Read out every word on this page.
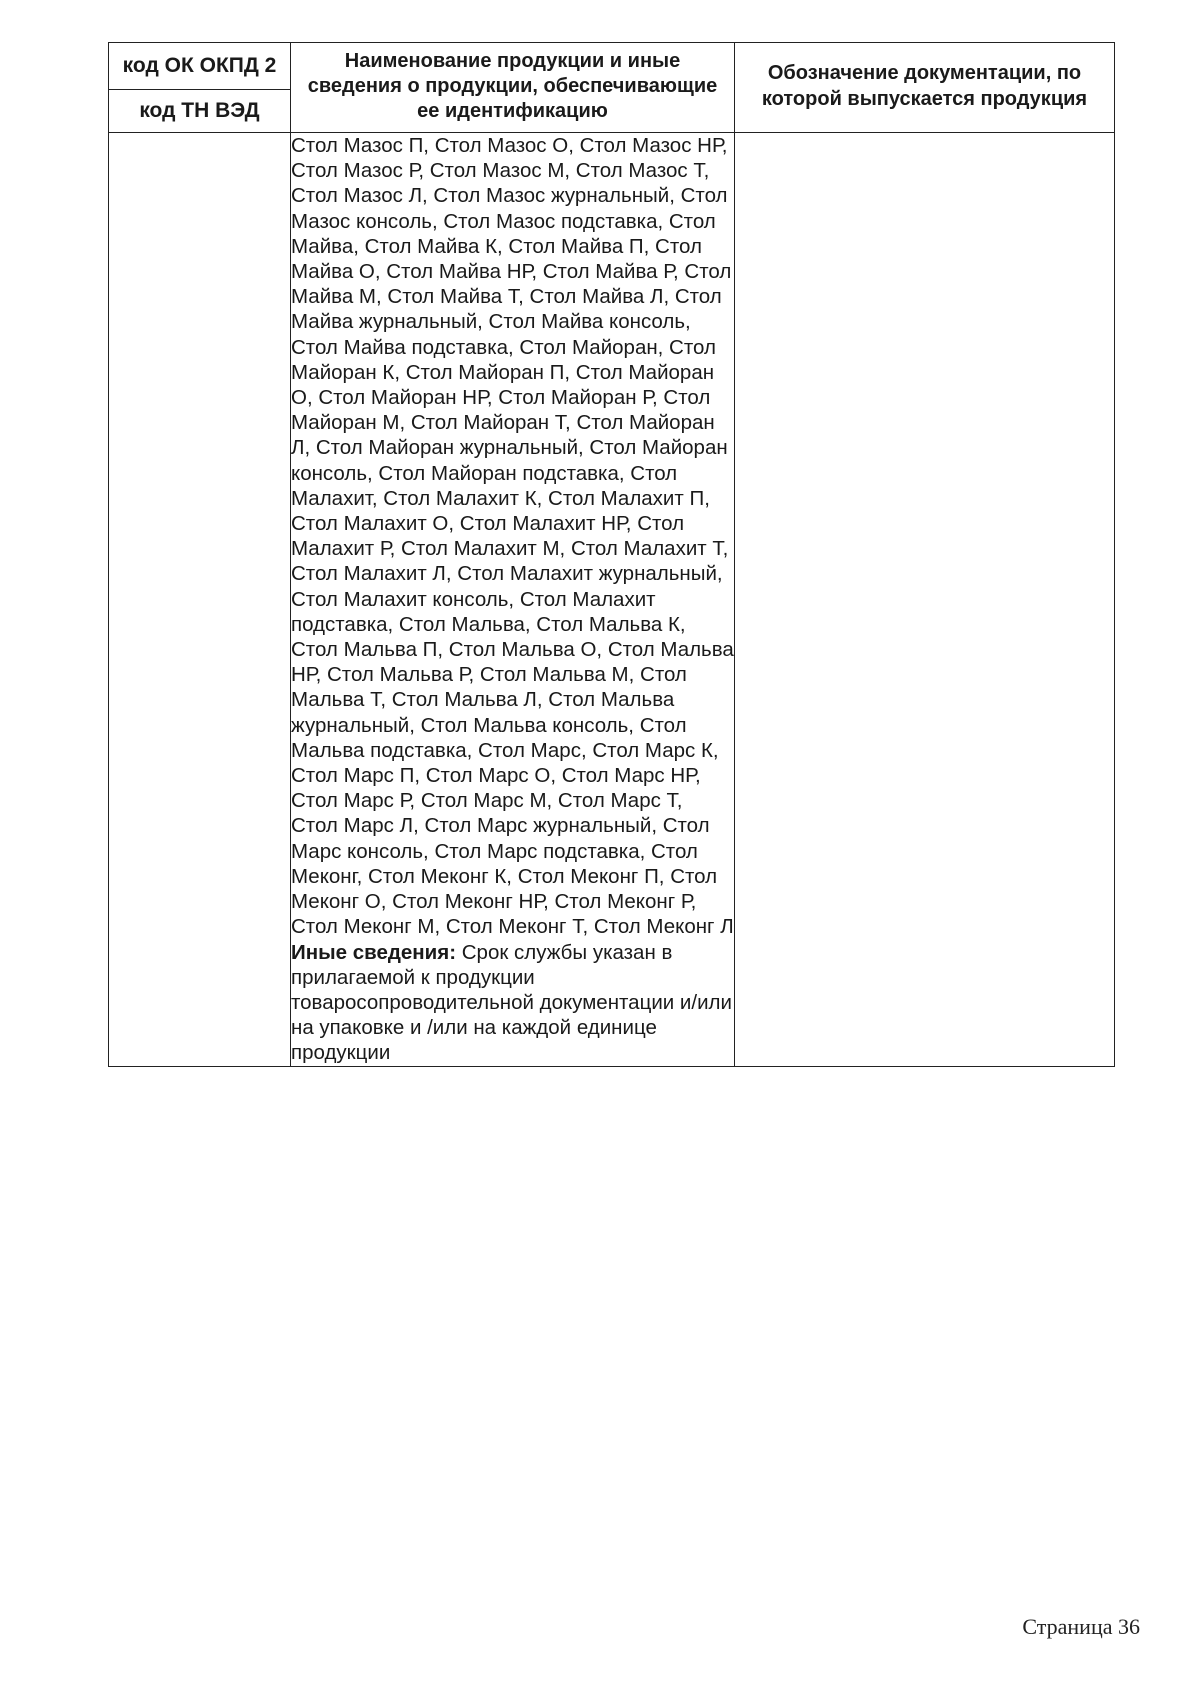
код ОК ОКПД 2
код ТН ВЭД	Наименование продукции и иные сведения о продукции, обеспечивающие ее идентификацию	Обозначение документации, по которой выпускается продукция

	Стол Мазос П, Стол Мазос О, Стол Мазос НР, Стол Мазос Р, Стол Мазос М, Стол Мазос Т, Стол Мазос Л, Стол Мазос журнальный, Стол Мазос консоль, Стол Мазос подставка, Стол Майва, Стол Майва К, Стол Майва П, Стол Майва О, Стол Майва НР, Стол Майва Р, Стол Майва М, Стол Майва Т, Стол Майва Л, Стол Майва журнальный, Стол Майва консоль, Стол Майва подставка, Стол Майоран, Стол Майоран К, Стол Майоран П, Стол Майоран О, Стол Майоран НР, Стол Майоран Р, Стол Майоран М, Стол Майоран Т, Стол Майоран Л, Стол Майоран журнальный, Стол Майоран консоль, Стол Майоран подставка, Стол Малахит, Стол Малахит К, Стол Малахит П, Стол Малахит О, Стол Малахит НР, Стол Малахит Р, Стол Малахит М, Стол Малахит Т, Стол Малахит Л, Стол Малахит журнальный, Стол Малахит консоль, Стол Малахит подставка, Стол Мальва, Стол Мальва К, Стол Мальва П, Стол Мальва О, Стол Мальва НР, Стол Мальва Р, Стол Мальва М, Стол Мальва Т, Стол Мальва Л, Стол Мальва журнальный, Стол Мальва консоль, Стол Мальва подставка, Стол Марс, Стол Марс К, Стол Марс П, Стол Марс О, Стол Марс НР, Стол Марс Р, Стол Марс М, Стол Марс Т, Стол Марс Л, Стол Марс журнальный, Стол Марс консоль, Стол Марс подставка, Стол Меконг, Стол Меконг К, Стол Меконг П, Стол Меконг О, Стол Меконг НР, Стол Меконг Р, Стол Меконг М, Стол Меконг Т, Стол Меконг Л
Иные сведения: Срок службы указан в прилагаемой к продукции товаросопроводительной документации и/или на упаковке и /или на каждой единице продукции	
Страница 36
